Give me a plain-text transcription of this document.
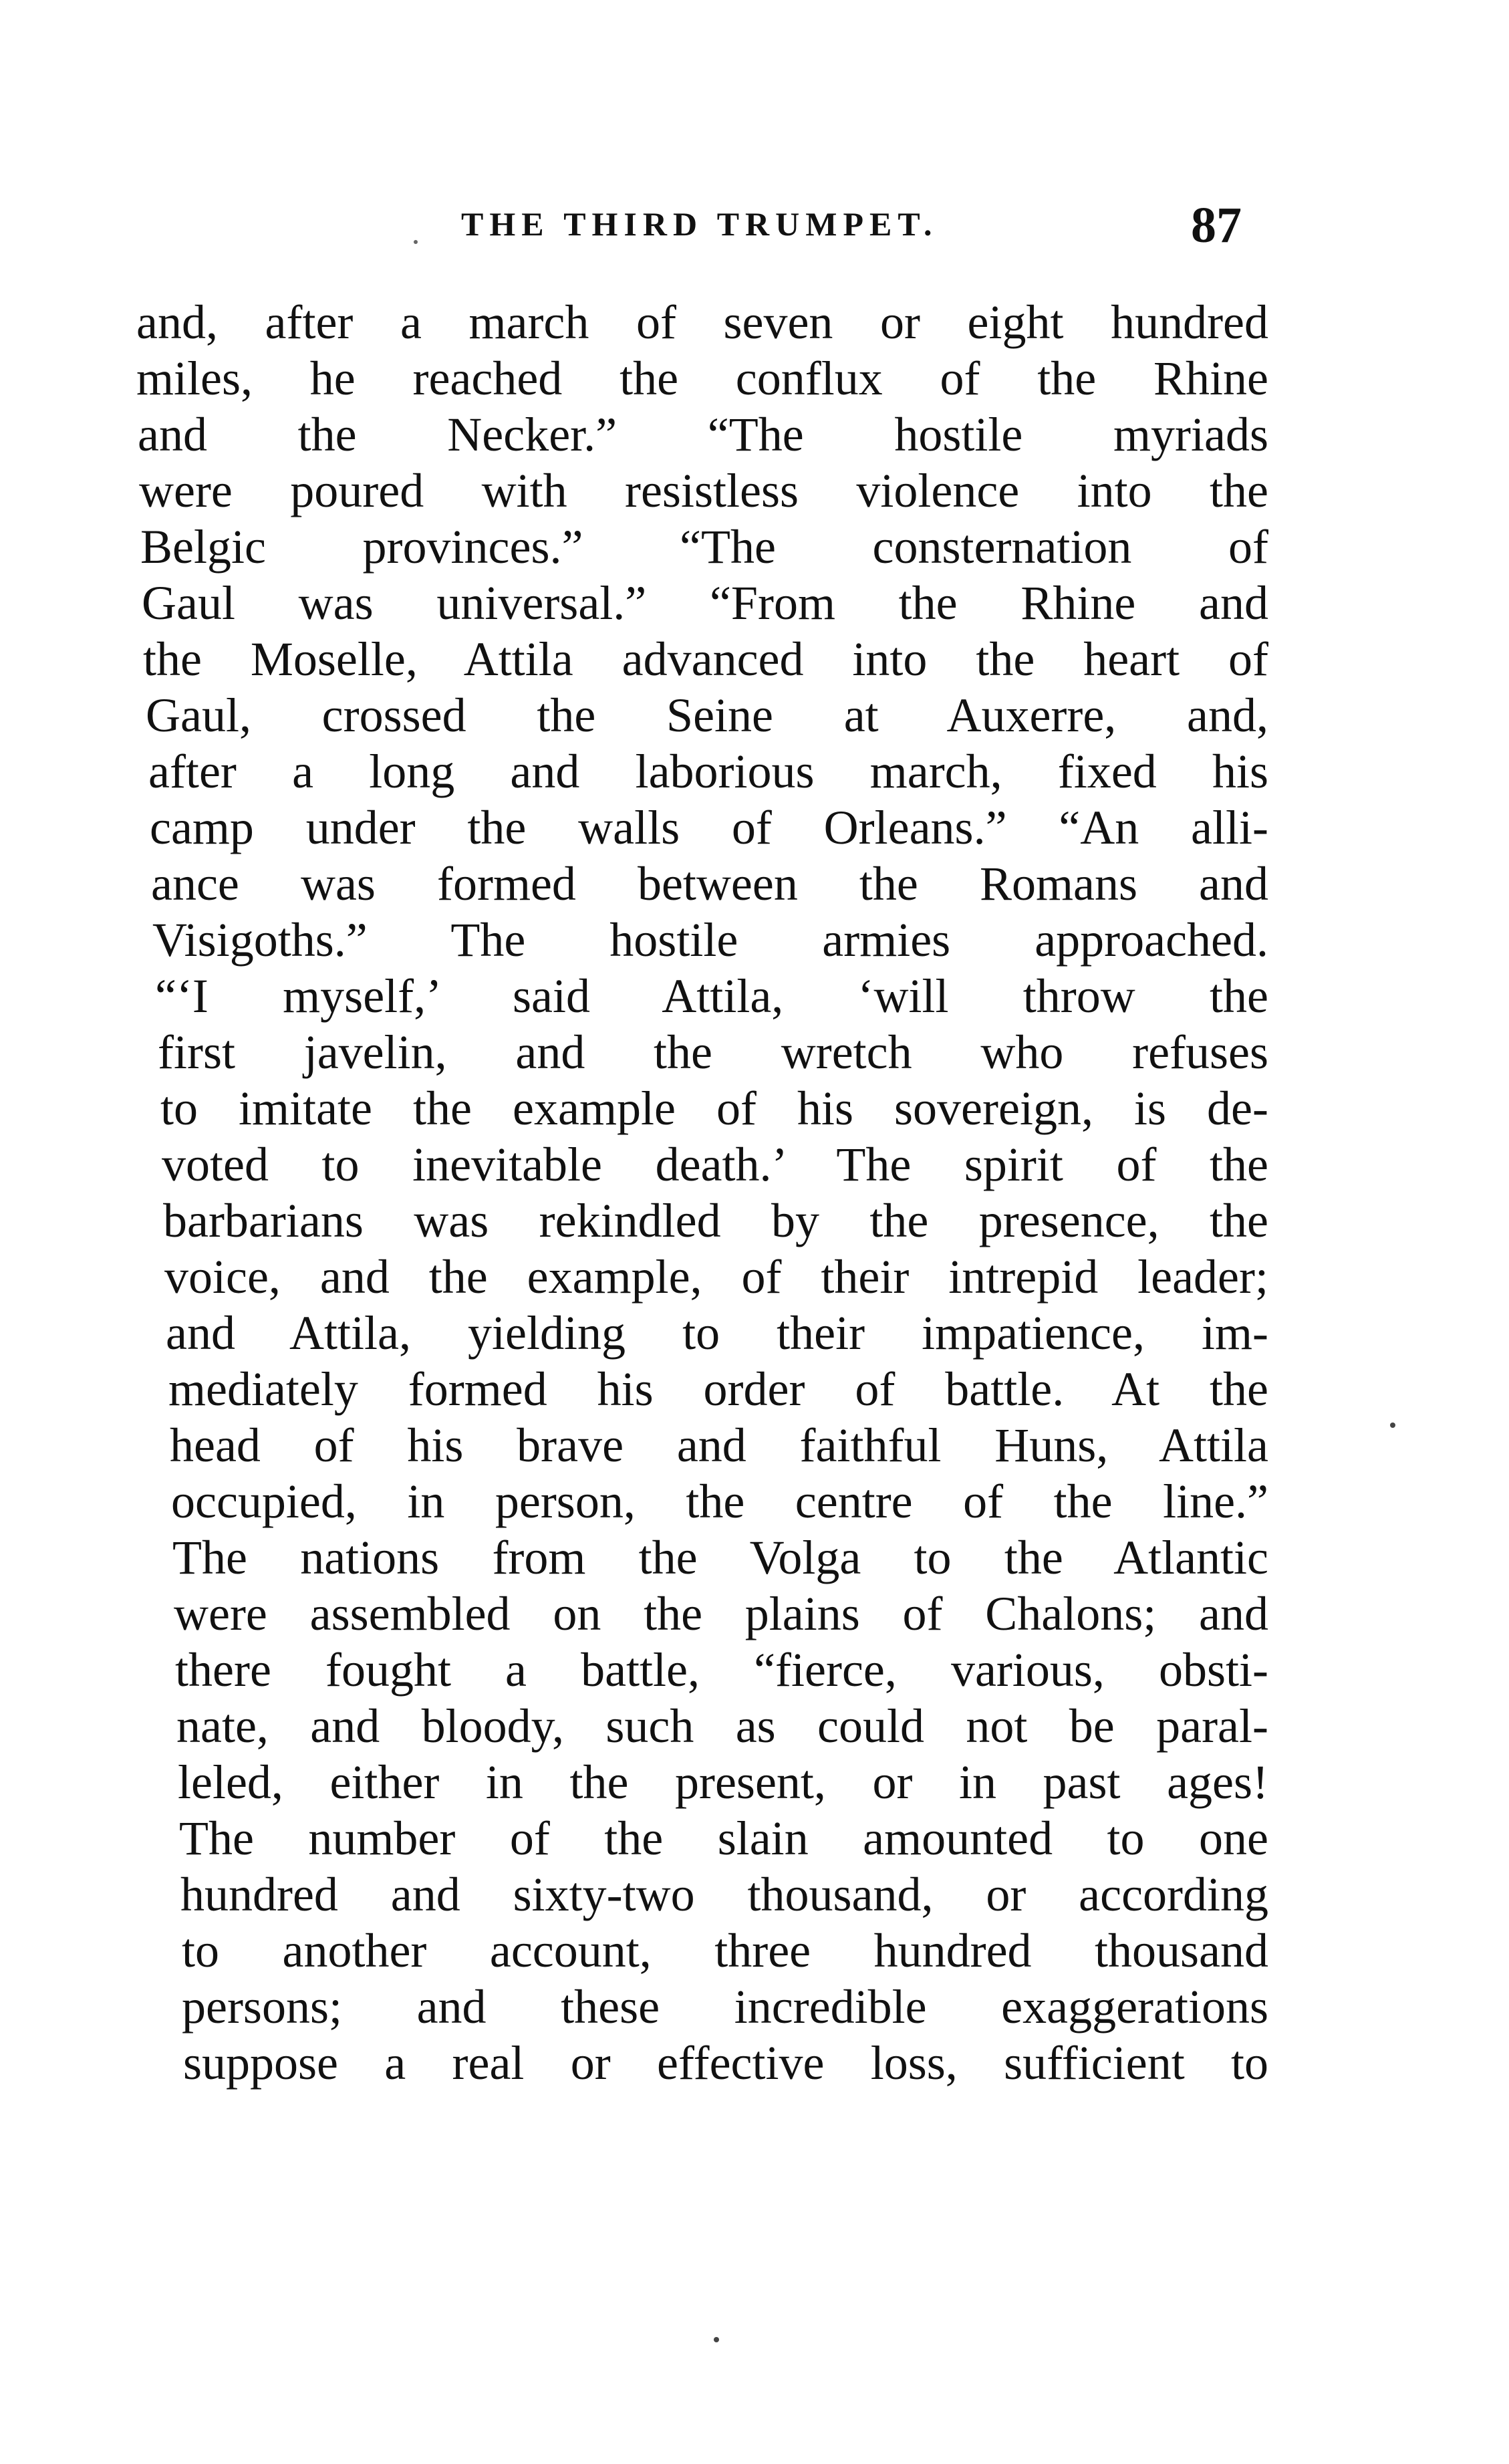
THE THIRD TRUMPET.	87
and, after a march of seven or eight hundred
miles, he reached the conflux of the Rhine
and the Necker.” “The hostile myriads
were poured with resistless violence into the
Belgic provinces.” “The consternation of
Gaul was universal.” “From the Rhine and
the Moselle, Attila advanced into the heart of
Gaul, crossed the Seine at Auxerre, and,
after a long and laborious march, fixed his
camp under the walls of Orleans.” “An alli-
ance was formed between the Romans and
Visigoths.” The hostile armies approached.
“‘I myself,’ said Attila, ‘will throw the
first javelin, and the wretch who refuses
to imitate the example of his sovereign, is de-
voted to inevitable death.’ The spirit of the
barbarians was rekindled by the presence, the
voice, and the example, of their intrepid leader;
and Attila, yielding to their impatience, im-
mediately formed his order of battle. At the
head of his brave and faithful Huns, Attila
occupied, in person, the centre of the line.”
The nations from the Volga to the Atlantic
were assembled on the plains of Chalons; and
there fought a battle, “fierce, various, obsti-
nate, and bloody, such as could not be paral-
leled, either in the present, or in past ages!
The number of the slain amounted to one
hundred and sixty-two thousand, or according
to another account, three hundred thousand
persons; and these incredible exaggerations
suppose a real or effective loss, sufficient to
